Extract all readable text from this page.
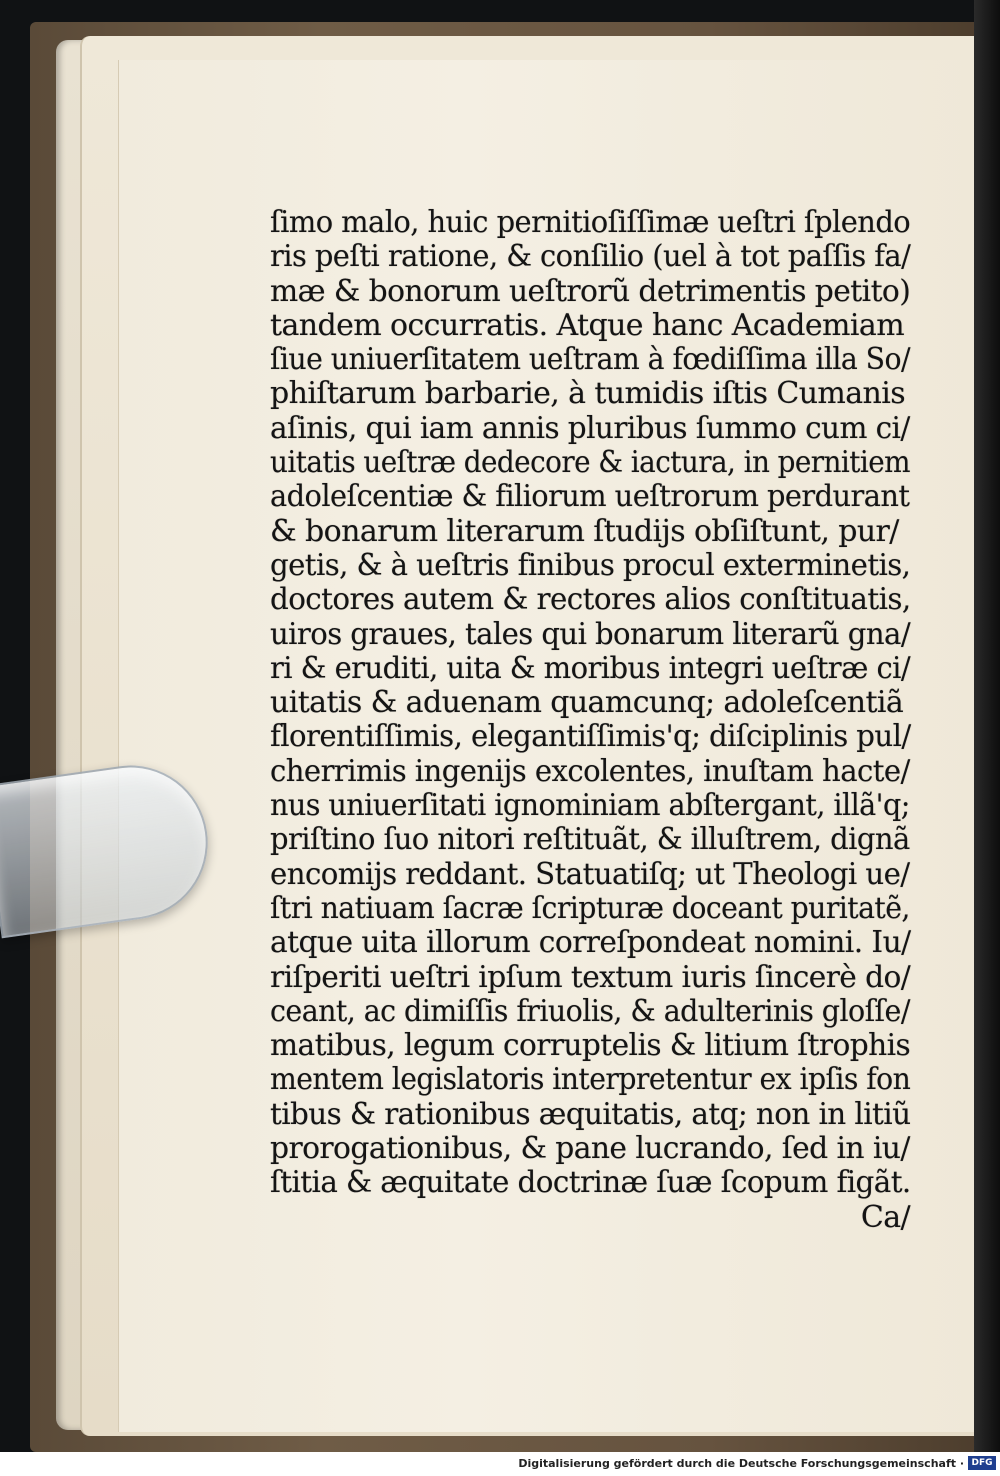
ſimo malo, huic pernitioſiſſimæ ueſtri ſplendo
ris peſti ratione, & conſilio (uel à tot paſſis fa/
mæ & bonorum ueſtrorũ detrimentis petito)
tandem occurratis. Atque hanc Academiam
ſiue uniuerſitatem ueſtram à fœdiſſima illa So/
phiſtarum barbarie, à tumidis iſtis Cumanis
aſinis, qui iam annis pluribus ſummo cum ci/
uitatis ueſtræ dedecore & iactura, in pernitiem
adoleſcentiæ & filiorum ueſtrorum perdurant
& bonarum literarum ſtudijs obſiſtunt, pur/
getis, & à ueſtris finibus procul exterminetis,
doctores autem & rectores alios conſtituatis,
uiros graues, tales qui bonarum literarũ gna/
ri & eruditi, uita & moribus integri ueſtræ ci/
uitatis & aduenam quamcunq; adoleſcentiã
florentiſſimis, elegantiſſimis'q; diſciplinis pul/
cherrimis ingenijs excolentes, inuſtam hacte/
nus uniuerſitati ignominiam abſtergant, illã'q;
priſtino ſuo nitori reſtituãt, & illuſtrem, dignã
encomijs reddant. Statuatiſq; ut Theologi ue/
ſtri natiuam ſacræ ſcripturæ doceant puritatẽ,
atque uita illorum correſpondeat nomini. Iu/
riſperiti ueſtri ipſum textum iuris ſincerè do/
ceant, ac dimiſſis friuolis, & adulterinis gloſſe/
matibus, legum corruptelis & litium ſtrophis
mentem legislatoris interpretentur ex ipſis fon
tibus & rationibus æquitatis, atq; non in litiũ
prorogationibus, & pane lucrando, ſed in iu/
ſtitia & æquitate doctrinæ ſuæ ſcopum figãt.
Ca/
Digitalisierung gefördert durch die Deutsche Forschungsgemeinschaft · DFG
